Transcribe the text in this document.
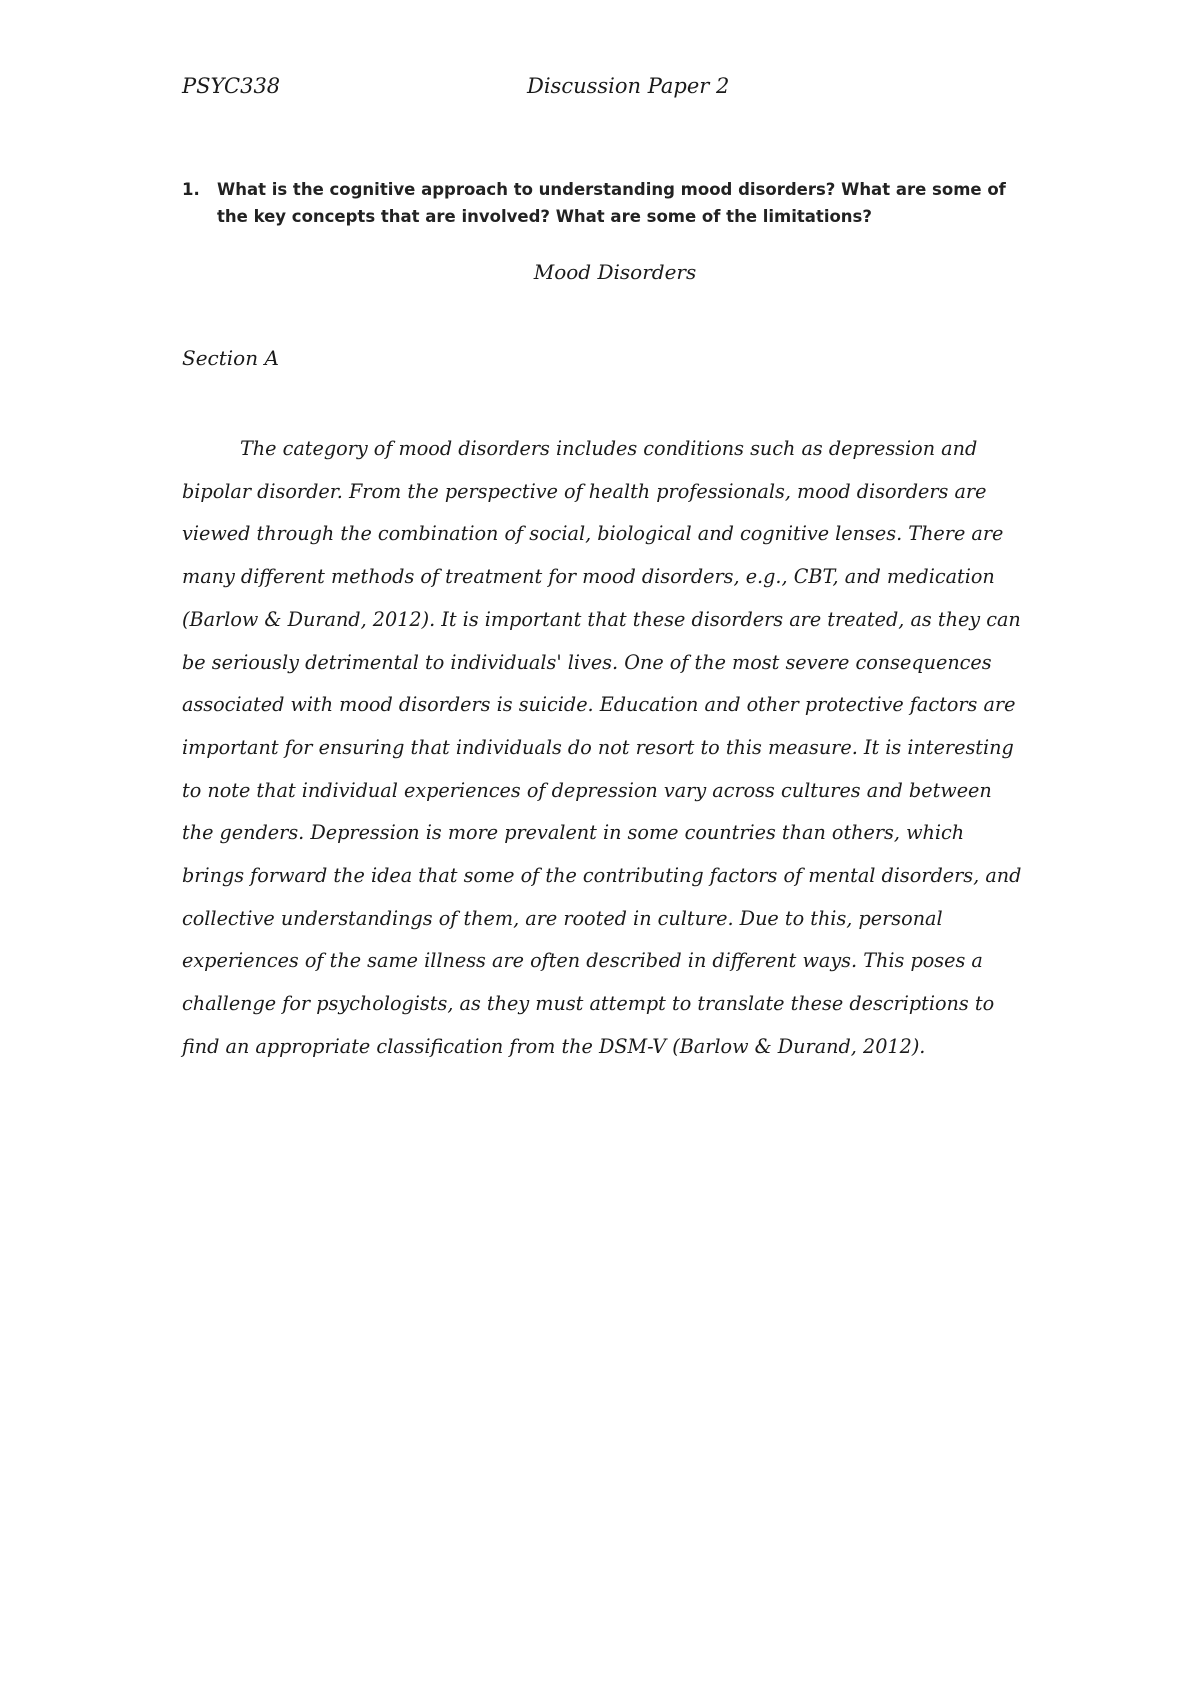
PSYC338	Discussion Paper 2
1. What is the cognitive approach to understanding mood disorders? What are some of the key concepts that are involved? What are some of the limitations?
Mood Disorders
Section A

The category of mood disorders includes conditions such as depression and bipolar disorder. From the perspective of health professionals, mood disorders are viewed through the combination of social, biological and cognitive lenses. There are many different methods of treatment for mood disorders, e.g., CBT, and medication (Barlow & Durand, 2012). It is important that these disorders are treated, as they can be seriously detrimental to individuals' lives. One of the most severe consequences associated with mood disorders is suicide. Education and other protective factors are important for ensuring that individuals do not resort to this measure. It is interesting to note that individual experiences of depression vary across cultures and between the genders. Depression is more prevalent in some countries than others, which brings forward the idea that some of the contributing factors of mental disorders, and collective understandings of them, are rooted in culture. Due to this, personal experiences of the same illness are often described in different ways. This poses a challenge for psychologists, as they must attempt to translate these descriptions to find an appropriate classification from the DSM-V (Barlow & Durand, 2012).
